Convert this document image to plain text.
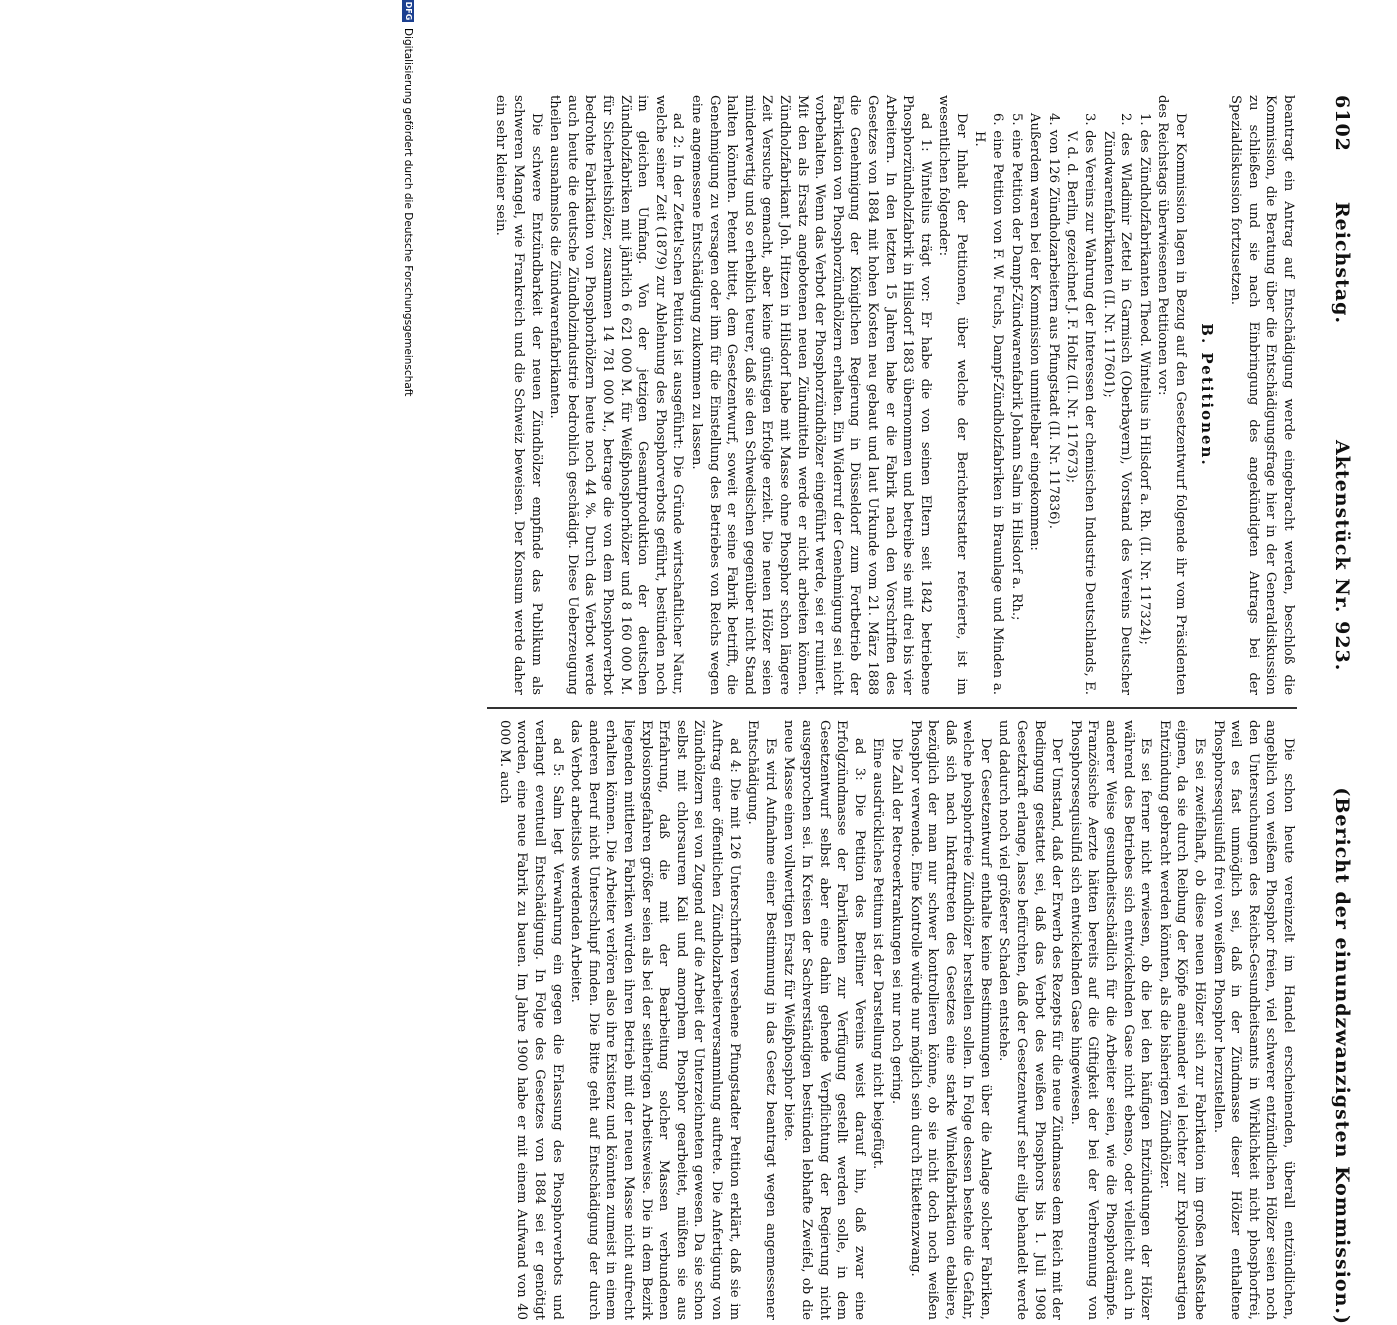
6102
Reichstag.
Aktenstück Nr. 923.
(Bericht der einundzwanzigsten Kommission.)

beantragt ein Antrag auf Entschädigung werde eingebracht werden, beschloß die Kommission, die Beratung über die Entschädigungsfrage hier in der Generaldiskussion zu schließen und sie nach Einbringung des angekündigten Antrags bei der Spezialdiskussion fortzusetzen.

B. Petitionen.

Der Kommission lagen in Bezug auf den Gesetzentwurf folgende ihr vom Präsidenten des Reichstags überwiesenen Petitionen vor:

1. des Zündholzfabrikanten Theod. Wintelius in Hilsdorf a. Rh. (II. Nr. 117324);

2. des Wladimir Zettel in Garmisch (Oberbayern), Vorstand des Vereins Deutscher Zündwarenfabrikanten (II. Nr. 117601);

3. des Vereins zur Wahrung der Interessen der chemischen Industrie Deutschlands, E. V. d. d. Berlin, gezeichnet J. F. Holtz (II. Nr. 117673);

4. von 126 Zündholzarbeitern aus Pfungstadt (II. Nr. 117836).

Außerdem waren bei der Kommission unmittelbar eingekommen:

5. eine Petition der Dampf-Zündwarenfabrik Johann Salm in Hilsdorf a. Rh.;

6. eine Petition von F. W. Fuchs, Dampf-Zündholzfabriken in Braunlage und Minden a. H.

Der Inhalt der Petitionen, über welche der Berichterstatter referierte, ist im wesentlichen folgender:

ad 1: Wintelius trägt vor: Er habe die von seinen Eltern seit 1842 betriebene Phosphorzündholzfabrik in Hilsdorf 1883 übernommen und betreibe sie mit drei bis vier Arbeitern. In den letzten 15 Jahren habe er die Fabrik nach den Vorschriften des Gesetzes von 1884 mit hohen Kosten neu gebaut und laut Urkunde vom 21. März 1888 die Genehmigung der Königlichen Regierung in Düsseldorf zum Fortbetrieb der Fabrikation von Phosphorzündhölzern erhalten. Ein Widerruf der Genehmigung sei nicht vorbehalten. Wenn das Verbot der Phosphorzündhölzer eingeführt werde, sei er ruiniert. Mit den als Ersatz angebotenen neuen Zündmitteln werde er nicht arbeiten können. Zündholzfabrikant Joh. Hitzen in Hilsdorf habe mit Masse ohne Phosphor schon längere Zeit Versuche gemacht, aber keine günstigen Erfolge erzielt. Die neuen Hölzer seien minderwertig und so erheblich teurer, daß sie den Schwedischen gegenüber nicht Stand halten könnten. Petent bittet, dem Gesetzentwurf, soweit er seine Fabrik betrifft, die Genehmigung zu versagen oder ihm für die Einstellung des Betriebes von Reichs wegen eine angemessene Entschädigung zukommen zu lassen.

ad 2: In der Zettel'schen Petition ist ausgeführt: Die Gründe wirtschaftlicher Natur, welche seiner Zeit (1879) zur Ablehnung des Phosphorverbots geführt, bestünden noch im gleichen Umfang. Von der jetzigen Gesamtproduktion der deutschen Zündholzfabriken mit jährlich 6 621 000 M. für Weißphosphorhölzer und 8 160 000 M. für Sicherheitshölzer, zusammen 14 781 000 M., betrage die von dem Phosphorverbot bedrohte Fabrikation von Phosphorhölzern heute noch 44 %. Durch das Verbot werde auch heute die deutsche Zündholzindustrie bedrohlich geschädigt. Diese Ueberzeugung theilen ausnahmslos die Zündwarenfabrikanten.

Die schwere Entzündbarkeit der neuen Zündhölzer empfinde das Publikum als schweren Mangel, wie Frankreich und die Schweiz beweisen. Der Konsum werde daher ein sehr kleiner sein.

Die schon heute vereinzelt im Handel erscheinenden, überall entzündlichen, angeblich von weißem Phosphor freien, viel schwerer entzündlichen Hölzer seien noch den Untersuchungen des Reichs-Gesundheitsamts in Wirklichkeit nicht phosphorfrei, weil es fast unmöglich sei, daß in der Zündmasse dieser Hölzer enthaltene Phosphorsesquisulfid frei von weißem Phosphor herzustellen.

Es sei zweifelhaft, ob diese neuen Hölzer sich zur Fabrikation im großen Maßstabe eignen, da sie durch Reibung der Köpfe aneinander viel leichter zur Explosionsartigen Entzündung gebracht werden könnten, als die bisherigen Zündhölzer.

Es sei ferner nicht erwiesen, ob die bei den häufigen Entzündungen der Hölzer während des Betriebes sich entwickelnden Gase nicht ebenso, oder vielleicht auch in anderer Weise gesundheitsschädlich für die Arbeiter seien, wie die Phosphordämpfe. Französische Aerzte hätten bereits auf die Giftigkeit der bei der Verbrennung von Phosphorsesquisulfid sich entwickelnden Gase hingewiesen.

Der Umstand, daß der Erwerb des Rezepts für die neue Zündmasse dem Reich mit der Bedingung gestattet sei, daß das Verbot des weißen Phosphors bis 1. Juli 1908 Gesetzkraft erlange, lasse befürchten, daß der Gesetzentwurf sehr eilig behandelt werde und dadurch noch viel größerer Schaden entstehe.

Der Gesetzentwurf enthalte keine Bestimmungen über die Anlage solcher Fabriken, welche phosphorfreie Zündhölzer herstellen sollen. In Folge dessen bestehe die Gefahr, daß sich nach Inkrafttreten des Gesetzes eine starke Winkelfabrikation etabliere, bezüglich der man nur schwer kontrollieren könne, ob sie nicht doch noch weißen Phosphor verwende. Eine Kontrolle würde nur möglich sein durch Etikettenzwang.

Die Zahl der Retroeerkrankungen sei nur noch gering.

Eine ausdrückliches Petitum ist der Darstellung nicht beigefügt.

ad 3: Die Petition des Berliner Vereins weist darauf hin, daß zwar eine Erfolgzündmasse der Fabrikanten zur Verfügung gestellt werden solle, in dem Gesetzentwurf selbst aber eine dahin gehende Verpflichtung der Regierung nicht ausgesprochen sei. In Kreisen der Sachverständigen bestünden lebhafte Zweifel, ob die neue Masse einen vollwertigen Ersatz für Weißphosphor biete.

Es wird Aufnahme einer Bestimmung in das Gesetz beantragt wegen angemessener Entschädigung.

ad 4: Die mit 126 Unterschriften versehene Pfungstadter Petition erklärt, daß sie im Auftrag einer öffentlichen Zündholzarbeiterversammlung auftrete. Die Anfertigung von Zündhölzern sei von Zugend auf die Arbeit der Unterzeichneten gewesen. Da sie schon selbst mit chlorsaurem Kali und amorphem Phosphor gearbeitet, müßten sie aus Erfahrung, daß die mit der Bearbeitung solcher Massen verbundenen Explosionsgefahren größer seien als bei der seitherigen Arbeitsweise. Die in dem Bezirk liegenden mittleren Fabriken würden ihren Betrieb mit der neuen Masse nicht aufrecht erhalten können. Die Arbeiter verlören also ihre Existenz und könnten zumeist in einem anderen Beruf nicht Unterschlupf finden. Die Bitte geht auf Entschädigung der durch das Verbot arbeitslos werdenden Arbeiter.

ad 5: Salm legt Verwahrung ein gegen die Erlassung des Phosphorverbots und verlangt eventuell Entschädigung. In Folge des Gesetzes von 1884 sei er genötigt worden, eine neue Fabrik zu bauen. Im Jahre 1900 habe er mit einem Aufwand von 40 000 M. auch

DFG
Digitalisierung gefördert durch die Deutsche Forschungsgemeinschaft
